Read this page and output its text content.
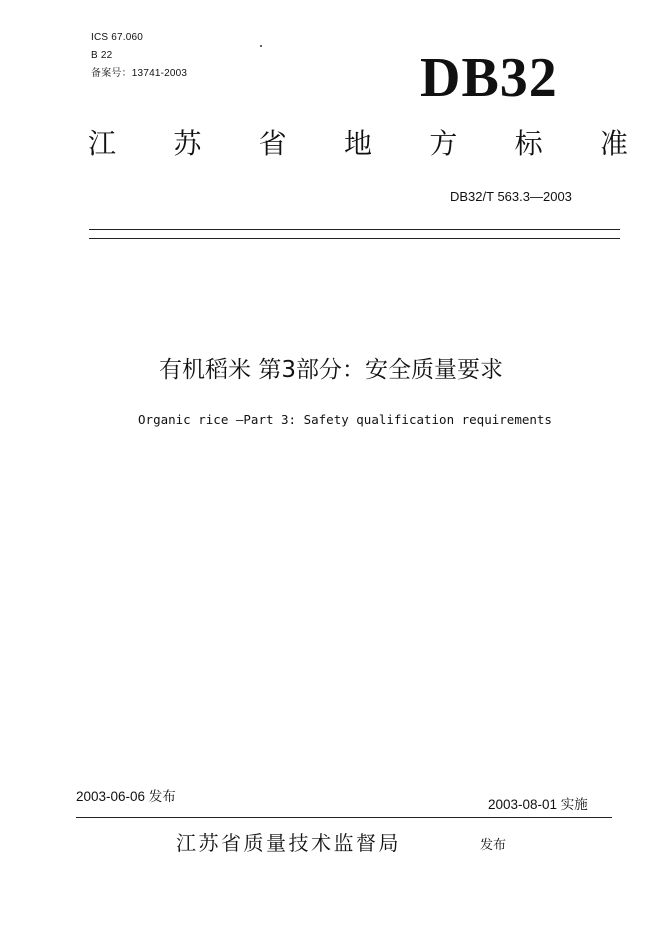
ICS 67.060
B 22
备案号：13741-2003	DB32
江 苏 省 地 方 标 准
DB32/T 563.3—2003
有机稻米 第3部分：安全质量要求
Organic rice —Part 3: Safety qualification requirements
2003-06-06 发布
2003-08-01 实施
江苏省质量技术监督局	发布
